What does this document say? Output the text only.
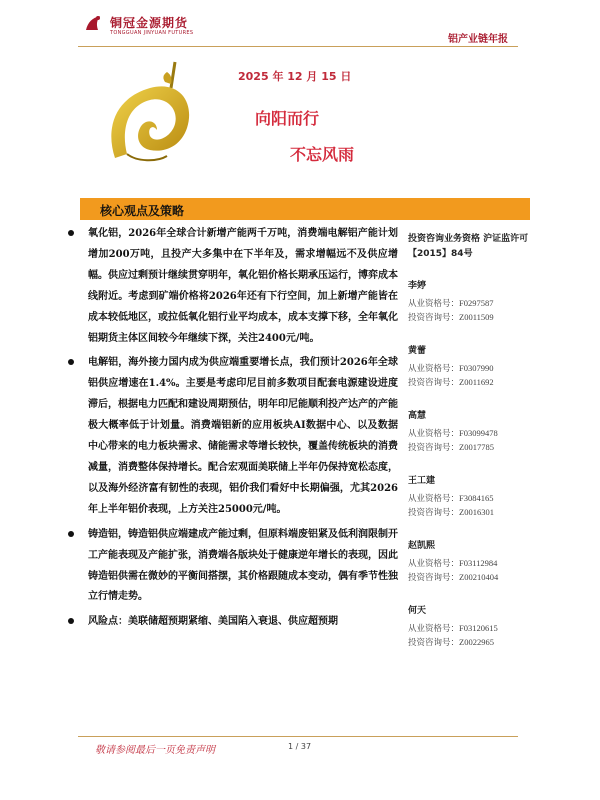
铜冠金源期货
TONGGUAN JINYUAN FUTURES
铝产业链年报
2025 年 12 月 15 日
向阳而行
不忘风雨
核心观点及策略

氧化铝，2026年全球合计新增产能两千万吨，消费端电解铝产能计划增加200万吨，且投产大多集中在下半年及，需求增幅远不及供应增幅。供应过剩预计继续贯穿明年，氧化铝价格长期承压运行，博弈成本线附近。考虑到矿端价格将2026年还有下行空间，加上新增产能皆在成本较低地区，或拉低氧化铝行业平均成本，成本支撑下移，全年氧化铝期货主体区间较今年继续下探，关注2400元/吨。

电解铝，海外接力国内成为供应端重要增长点，我们预计2026年全球铝供应增速在1.4%。主要是考虑印尼目前多数项目配套电源建设进度滞后，根据电力匹配和建设周期预估，明年印尼能顺利投产达产的产能极大概率低于计划量。消费端铝新的应用板块AI数据中心、以及数据中心带来的电力板块需求、储能需求等增长较快，覆盖传统板块的消费减量，消费整体保持增长。配合宏观面美联储上半年仍保持宽松态度，以及海外经济富有韧性的表现，铝价我们看好中长期偏强，尤其2026年上半年铝价表现，上方关注25000元/吨。

铸造铝，铸造铝供应端建成产能过剩，但原料端废铝紧及低利润限制开工产能表现及产能扩张，消费端各版块处于健康逆年增长的表现，因此铸造铝供需在微妙的平衡间搭摆，其价格跟随成本变动，偶有季节性独立行情走势。

风险点：美联储超预期紧缩、美国陷入衰退、供应超预期

投资咨询业务资格 沪证监许可【2015】84号
李婷
从业资格号：F0297587
投资咨询号：Z0011509
黄蕾
从业资格号：F0307990
投资咨询号：Z0011692
高慧
从业资格号：F03099478
投资咨询号：Z0017785
王工建
从业资格号：F3084165
投资咨询号：Z0016301
赵凯熙
从业资格号：F03112984
投资咨询号：Z00210404
何天
从业资格号：F03120615
投资咨询号：Z0022965
敬请参阅最后一页免责声明	1 / 37
